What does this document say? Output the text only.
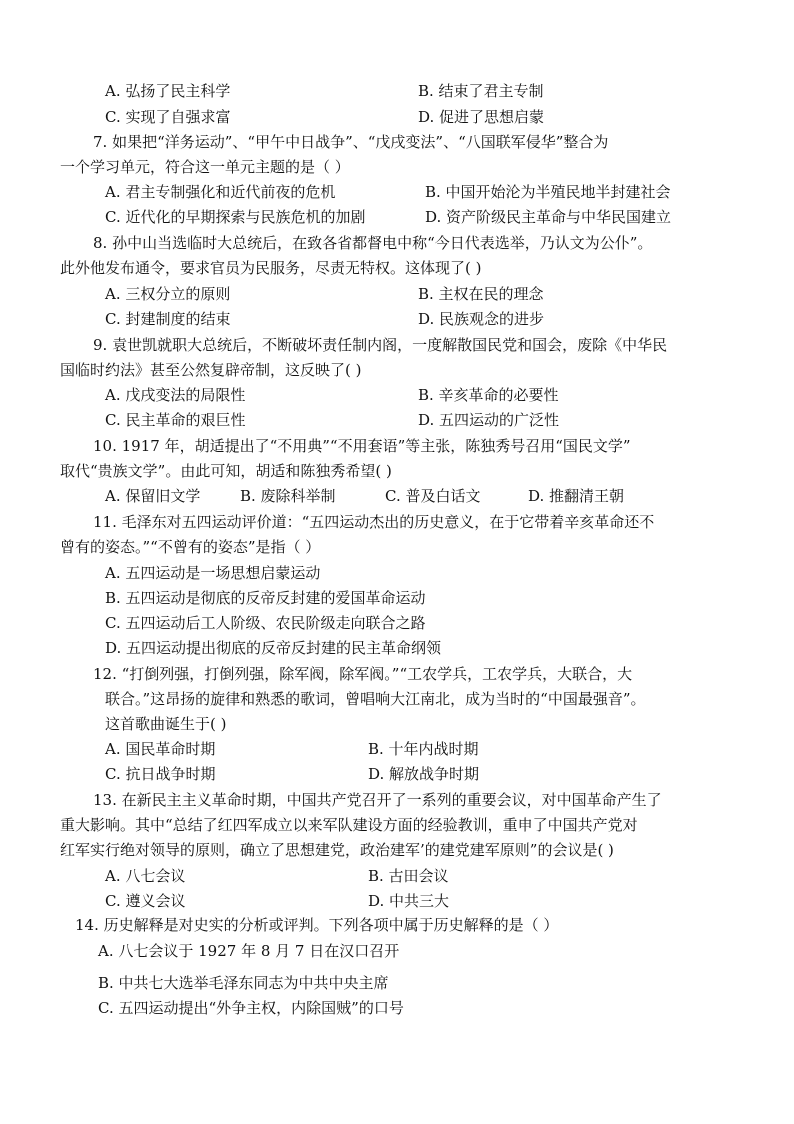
A. 弘扬了民主科学	B. 结束了君主专制
C. 实现了自强求富	D. 促进了思想启蒙
7. 如果把“洋务运动”、“甲午中日战争”、“戊戌变法”、“八国联军侵华”整合为
一个学习单元，符合这一单元主题的是（ ）
A. 君主专制强化和近代前夜的危机	B. 中国开始沦为半殖民地半封建社会
C. 近代化的早期探索与民族危机的加剧	D. 资产阶级民主革命与中华民国建立
8. 孙中山当选临时大总统后，在致各省都督电中称“今日代表选举，乃认文为公仆”。
此外他发布通令，要求官员为民服务，尽责无特权。这体现了( )
A. 三权分立的原则	B. 主权在民的理念
C. 封建制度的结束	D. 民族观念的进步
9. 袁世凯就职大总统后，不断破坏责任制内阁，一度解散国民党和国会，废除《中华民
国临时约法》甚至公然复辟帝制，这反映了( )
A. 戊戌变法的局限性	B. 辛亥革命的必要性
C. 民主革命的艰巨性	D. 五四运动的广泛性
10. 1917 年，胡适提出了“不用典”“不用套语”等主张，陈独秀号召用“国民文学”
取代“贵族文学”。由此可知，胡适和陈独秀希望( )
A. 保留旧文学	B. 废除科举制	C. 普及白话文	D. 推翻清王朝
11. 毛泽东对五四运动评价道：“五四运动杰出的历史意义，在于它带着辛亥革命还不
曾有的姿态。”“不曾有的姿态”是指（ ）
A. 五四运动是一场思想启蒙运动
B. 五四运动是彻底的反帝反封建的爱国革命运动
C. 五四运动后工人阶级、农民阶级走向联合之路
D. 五四运动提出彻底的反帝反封建的民主革命纲领
12. “打倒列强，打倒列强，除军阀，除军阀。”“工农学兵，工农学兵，大联合，大
联合。”这昂扬的旋律和熟悉的歌词，曾唱响大江南北，成为当时的“中国最强音”。
这首歌曲诞生于( )
A. 国民革命时期	B. 十年内战时期
C. 抗日战争时期	D. 解放战争时期
13. 在新民主主义革命时期，中国共产党召开了一系列的重要会议，对中国革命产生了
重大影响。其中“总结了红四军成立以来军队建设方面的经验教训，重申了中国共产党对
红军实行绝对领导的原则，确立了思想建党，政治建军’的建党建军原则”的会议是( )
A. 八七会议	B. 古田会议
C. 遵义会议	D. 中共三大
14. 历史解释是对史实的分析或评判。下列各项中属于历史解释的是（ ）
A. 八七会议于 1927 年 8 月 7 日在汉口召开
B. 中共七大选举毛泽东同志为中共中央主席
C. 五四运动提出“外争主权，内除国贼”的口号
